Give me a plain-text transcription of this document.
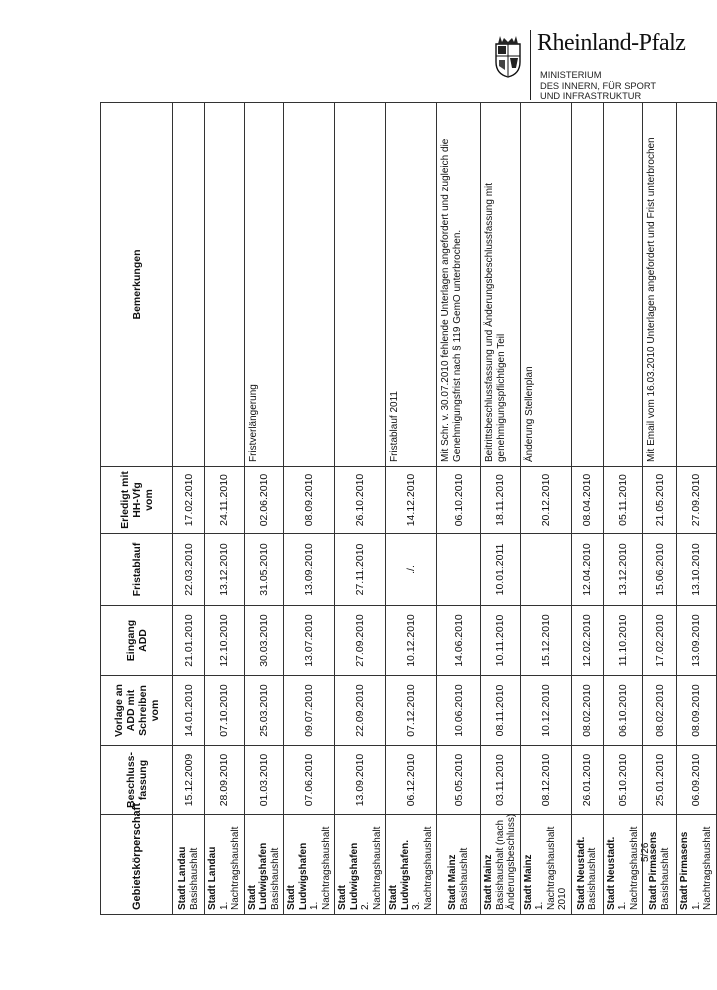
Rheinland-Pfalz
MINISTERIUM
DES INNERN, FÜR SPORT
UND INFRASTRUKTUR
5/26
Gebietskörperschaft	Beschluss-fassung	Vorlage an ADD mit Schreiben vom	Eingang ADD	Fristablauf	Erledigt mit HH-Vfg vom	Bemerkungen

Stadt Landau Basishaushalt	15.12.2009	14.01.2010	21.01.2010	22.03.2010	17.02.2010	

Stadt Landau 1. Nachtragshaushalt	28.09.2010	07.10.2010	12.10.2010	13.12.2010	24.11.2010	

Stadt Ludwigshafen Basishaushalt	01.03.2010	25.03.2010	30.03.2010	31.05.2010	02.06.2010	Fristverlängerung

Stadt Ludwigshafen 1. Nachtragshaushalt	07.06.2010	09.07.2010	13.07.2010	13.09.2010	08.09.2010	

Stadt Ludwigshafen 2. Nachtragshaushalt	13.09.2010	22.09.2010	27.09.2010	27.11.2010	26.10.2010	

Stadt Ludwigshafen. 3. Nachtragshaushalt	06.12.2010	07.12.2010	10.12.2010	./.	14.12.2010	Fristablauf 2011

Stadt Mainz Basishaushalt	05.05.2010	10.06.2010	14.06.2010		06.10.2010	Mit Schr. v. 30.07.2010 fehlende Unterlagen angefordert und zugleich die Genehmigungsfrist nach § 119 GemO unterbrochen.

Stadt Mainz Basishaushalt (nach Änderungsbeschluss)	03.11.2010	08.11.2010	10.11.2010	10.01.2011	18.11.2010	Beitrittsbeschlussfassung und Änderungsbeschlussfassung mit genehmigungspflichtigen Teil

Stadt Mainz 1. Nachtragshaushalt 2010	08.12.2010	10.12.2010	15.12.2010		20.12.2010	Änderung Stellenplan

Stadt Neustadt. Basishaushalt	26.01.2010	08.02.2010	12.02.2010	12.04.2010	08.04.2010	

Stadt Neustadt. 1. Nachtragshaushalt	05.10.2010	06.10.2010	11.10.2010	13.12.2010	05.11.2010	

Stadt Pirmasens Basishaushalt	25.01.2010	08.02.2010	17.02.2010	15.06.2010	21.05.2010	Mit Email vom 16.03.2010 Unterlagen angefordert und Frist unterbrochen

Stadt Pirmasens 1. Nachtragshaushalt	06.09.2010	08.09.2010	13.09.2010	13.10.2010	27.09.2010	
